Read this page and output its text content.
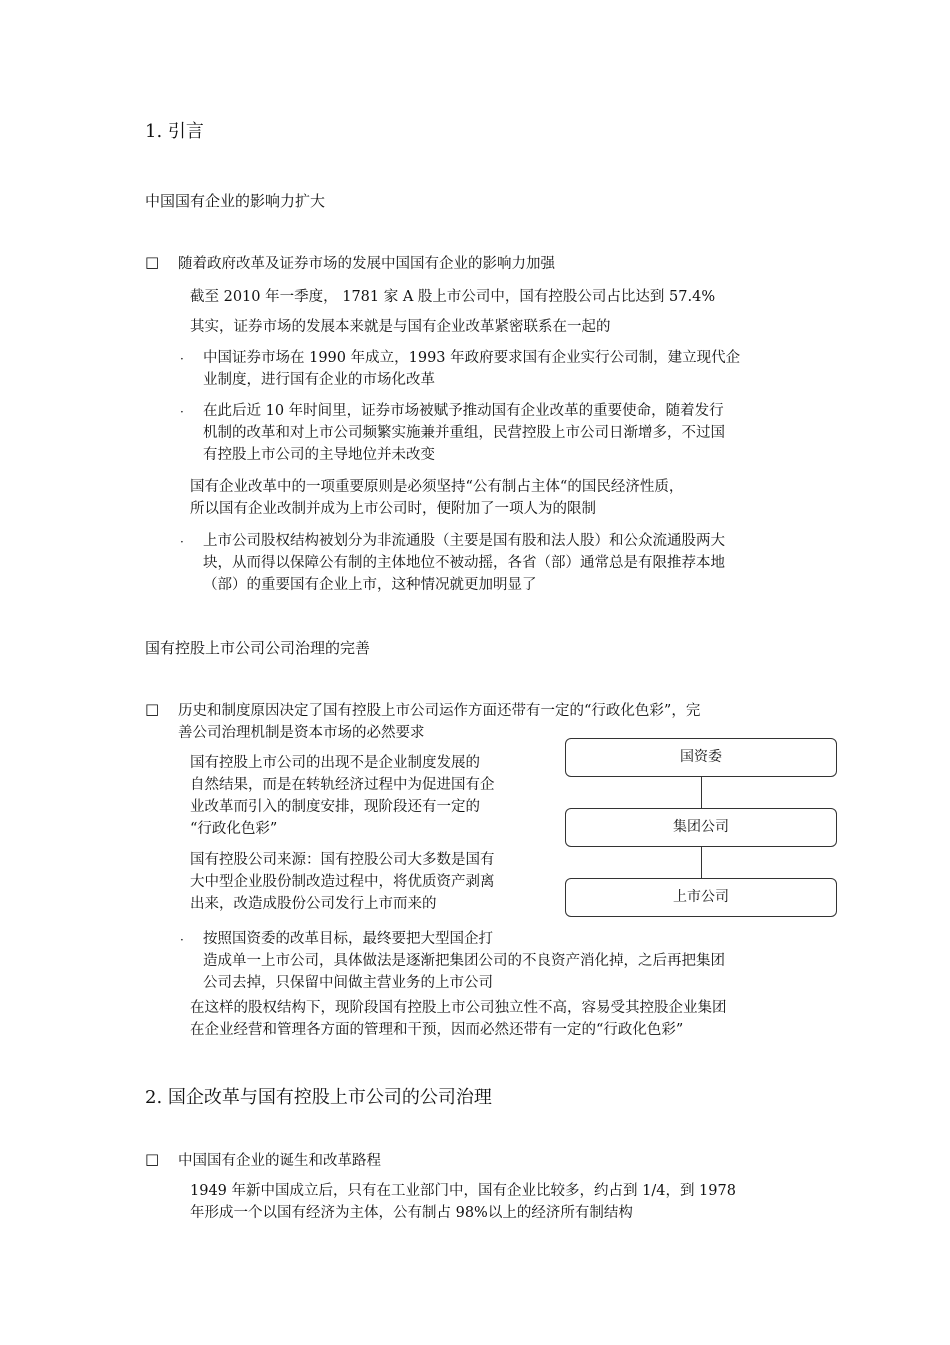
1. 引言
中国国有企业的影响力扩大
□ 随着政府改革及证券市场的发展中国国有企业的影响力加强
截至 2010 年一季度， 1781 家 A 股上市公司中，国有控股公司占比达到 57.4%
其实，证券市场的发展本来就是与国有企业改革紧密联系在一起的
· 中国证券市场在 1990 年成立，1993 年政府要求国有企业实行公司制，建立现代企
业制度，进行国有企业的市场化改革
· 在此后近 10 年时间里，证券市场被赋予推动国有企业改革的重要使命，随着发行
机制的改革和对上市公司频繁实施兼并重组，民营控股上市公司日渐增多，不过国
有控股上市公司的主导地位并未改变
国有企业改革中的一项重要原则是必须坚持“公有制占主体“的国民经济性质，
所以国有企业改制并成为上市公司时，便附加了一项人为的限制
· 上市公司股权结构被划分为非流通股（主要是国有股和法人股）和公众流通股两大
块，从而得以保障公有制的主体地位不被动摇，各省（部）通常总是有限推荐本地
（部）的重要国有企业上市，这种情况就更加明显了
国有控股上市公司公司治理的完善
□ 历史和制度原因决定了国有控股上市公司运作方面还带有一定的“行政化色彩”，完
善公司治理机制是资本市场的必然要求
国有控股上市公司的出现不是企业制度发展的
自然结果，而是在转轨经济过程中为促进国有企
业改革而引入的制度安排，现阶段还有一定的
“行政化色彩”
国有控股公司来源：国有控股公司大多数是国有
大中型企业股份制改造过程中，将优质资产剥离
出来，改造成股份公司发行上市而来的
国资委
集团公司
上市公司
· 按照国资委的改革目标，最终要把大型国企打
造成单一上市公司，具体做法是逐渐把集团公司的不良资产消化掉，之后再把集团
公司去掉，只保留中间做主营业务的上市公司
在这样的股权结构下，现阶段国有控股上市公司独立性不高，容易受其控股企业集团
在企业经营和管理各方面的管理和干预，因而必然还带有一定的“行政化色彩”
2. 国企改革与国有控股上市公司的公司治理
□ 中国国有企业的诞生和改革路程
1949 年新中国成立后，只有在工业部门中，国有企业比较多，约占到 1/4，到 1978
年形成一个以国有经济为主体，公有制占 98%以上的经济所有制结构
